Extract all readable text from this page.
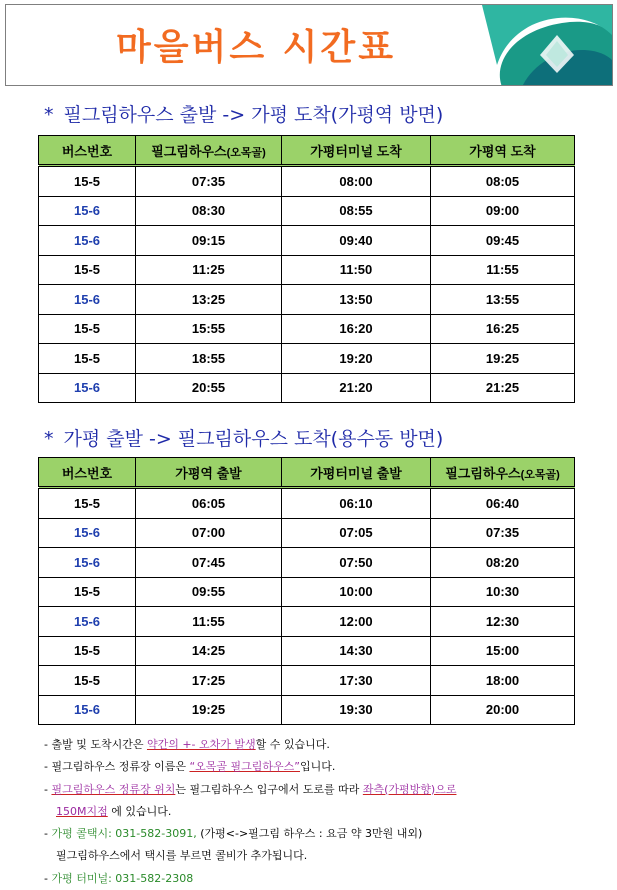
마을버스 시간표
* 필그림하우스 출발 -> 가평 도착(가평역 방면)
버스번호	필그림하우스(오목골)	가평터미널 도착	가평역 도착
15-5	07:35	08:00	08:05
15-6	08:30	08:55	09:00
15-6	09:15	09:40	09:45
15-5	11:25	11:50	11:55
15-6	13:25	13:50	13:55
15-5	15:55	16:20	16:25
15-5	18:55	19:20	19:25
15-6	20:55	21:20	21:25
* 가평 출발 -> 필그림하우스 도착(용수동 방면)
버스번호	가평역 출발	가평터미널 출발	필그림하우스(오목골)
15-5	06:05	06:10	06:40
15-6	07:00	07:05	07:35
15-6	07:45	07:50	08:20
15-5	09:55	10:00	10:30
15-6	11:55	12:00	12:30
15-5	14:25	14:30	15:00
15-5	17:25	17:30	18:00
15-6	19:25	19:30	20:00
- 출발 및 도착시간은 약간의 +- 오차가 발생할 수 있습니다.
- 필그림하우스 정류장 이름은 “오목골 필그림하우스”입니다.
- 필그림하우스 정류장 위치는 필그림하우스 입구에서 도로를 따라 좌측(가평방향)으로
150M지점 에 있습니다.
- 가평 콜택시: 031-582-3091, (가평<->필그림 하우스 : 요금 약 3만원 내외)
필그림하우스에서 택시를 부르면 콜비가 추가됩니다.
- 가평 터미널: 031-582-2308
